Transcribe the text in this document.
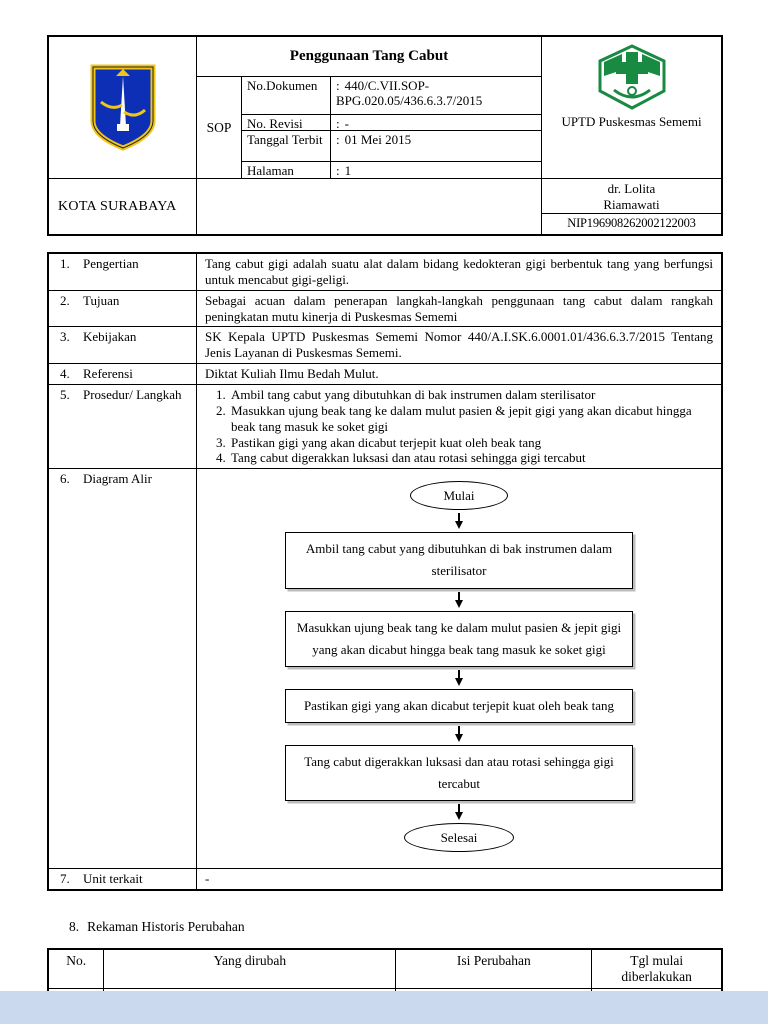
Penggunaan Tang Cabut
SOP
No.Dokumen	: 440/C.VII.SOP-BPG.020.05/436.6.3.7/2015
No. Revisi	: -
Tanggal Terbit	: 01 Mei 2015
Halaman	: 1
UPTD Puskesmas Sememi
KOTA SURABAYA
dr. Lolita Riamawati
NIP196908262002122003
1.	Pengertian	Tang cabut gigi adalah suatu alat dalam bidang kedokteran gigi berbentuk tang yang berfungsi untuk mencabut gigi-geligi.
2.	Tujuan	Sebagai acuan dalam penerapan langkah-langkah penggunaan tang cabut dalam rangkah peningkatan mutu kinerja di Puskesmas Sememi
3.	Kebijakan	SK Kepala UPTD Puskesmas Sememi Nomor 440/A.I.SK.6.0001.01/436.6.3.7/2015 Tentang Jenis Layanan di Puskesmas Sememi.
4.	Referensi	Diktat Kuliah Ilmu Bedah Mulut.
5.	Prosedur/ Langkah	1. Ambil tang cabut yang dibutuhkan di bak instrumen dalam sterilisator
2. Masukkan ujung beak tang ke dalam mulut pasien & jepit gigi yang akan dicabut hingga beak tang masuk ke soket gigi
3. Pastikan gigi yang akan dicabut terjepit kuat oleh beak tang
4. Tang cabut digerakkan luksasi dan atau rotasi sehingga gigi tercabut
6.	Diagram Alir
Mulai
Ambil tang cabut yang dibutuhkan di bak instrumen dalam sterilisator
Masukkan ujung beak tang ke dalam mulut pasien & jepit gigi yang akan dicabut hingga beak tang masuk ke soket gigi
Pastikan gigi yang akan dicabut terjepit kuat oleh beak tang
Tang cabut digerakkan luksasi dan atau rotasi sehingga gigi tercabut
Selesai
7.	Unit terkait	-
8. Rekaman Historis Perubahan
No.	Yang dirubah	Isi Perubahan	Tgl mulai diberlakukan
